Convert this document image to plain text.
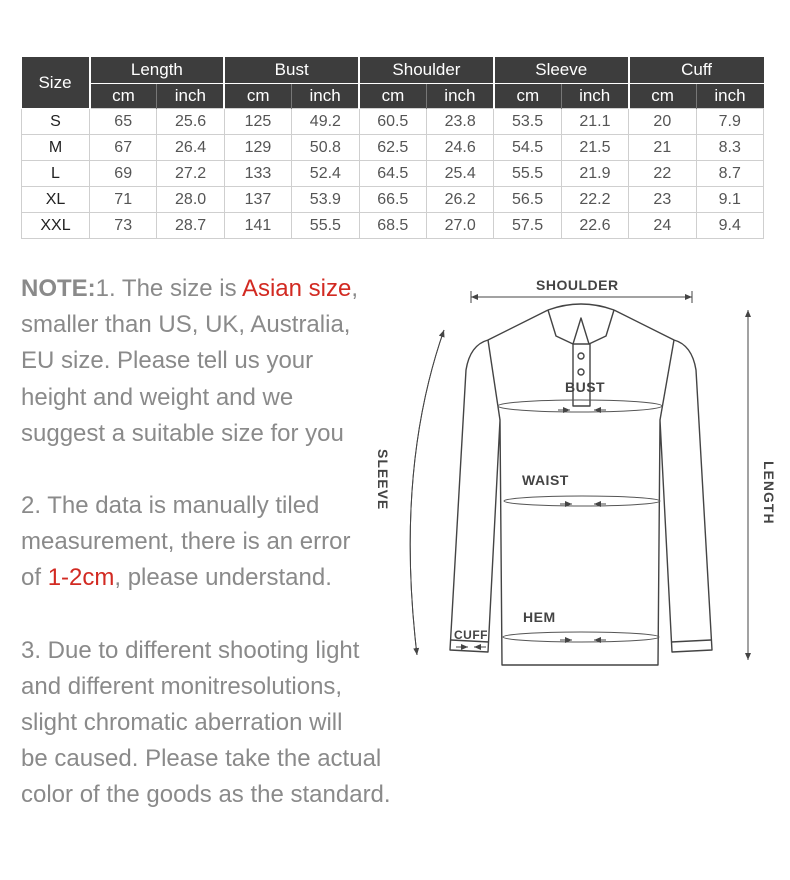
Size	Length		Bust		Shoulder		Sleeve		Cuff	
	cm	inch	cm	inch	cm	inch	cm	inch	cm	inch
S	65	25.6	125	49.2	60.5	23.8	53.5	21.1	20	7.9
M	67	26.4	129	50.8	62.5	24.6	54.5	21.5	21	8.3
L	69	27.2	133	52.4	64.5	25.4	55.5	21.9	22	8.7
XL	71	28.0	137	53.9	66.5	26.2	56.5	22.2	23	9.1
XXL	73	28.7	141	55.5	68.5	27.0	57.5	22.6	24	9.4

NOTE:1. The size is Asian size,

smaller than US, UK, Australia,

EU size. Please tell us your

height and weight and we

suggest a suitable size for you

2. The data is manually tiled

measurement, there is an error

of 1-2cm, please understand.

3. Due to different shooting light

and different monitresolutions,

slight chromatic aberration will

be caused. Please take the actual

color of the goods as the standard.

SHOULDER
BUST
WAIST
HEM
CUFF
SLEEVE	LENGTH
